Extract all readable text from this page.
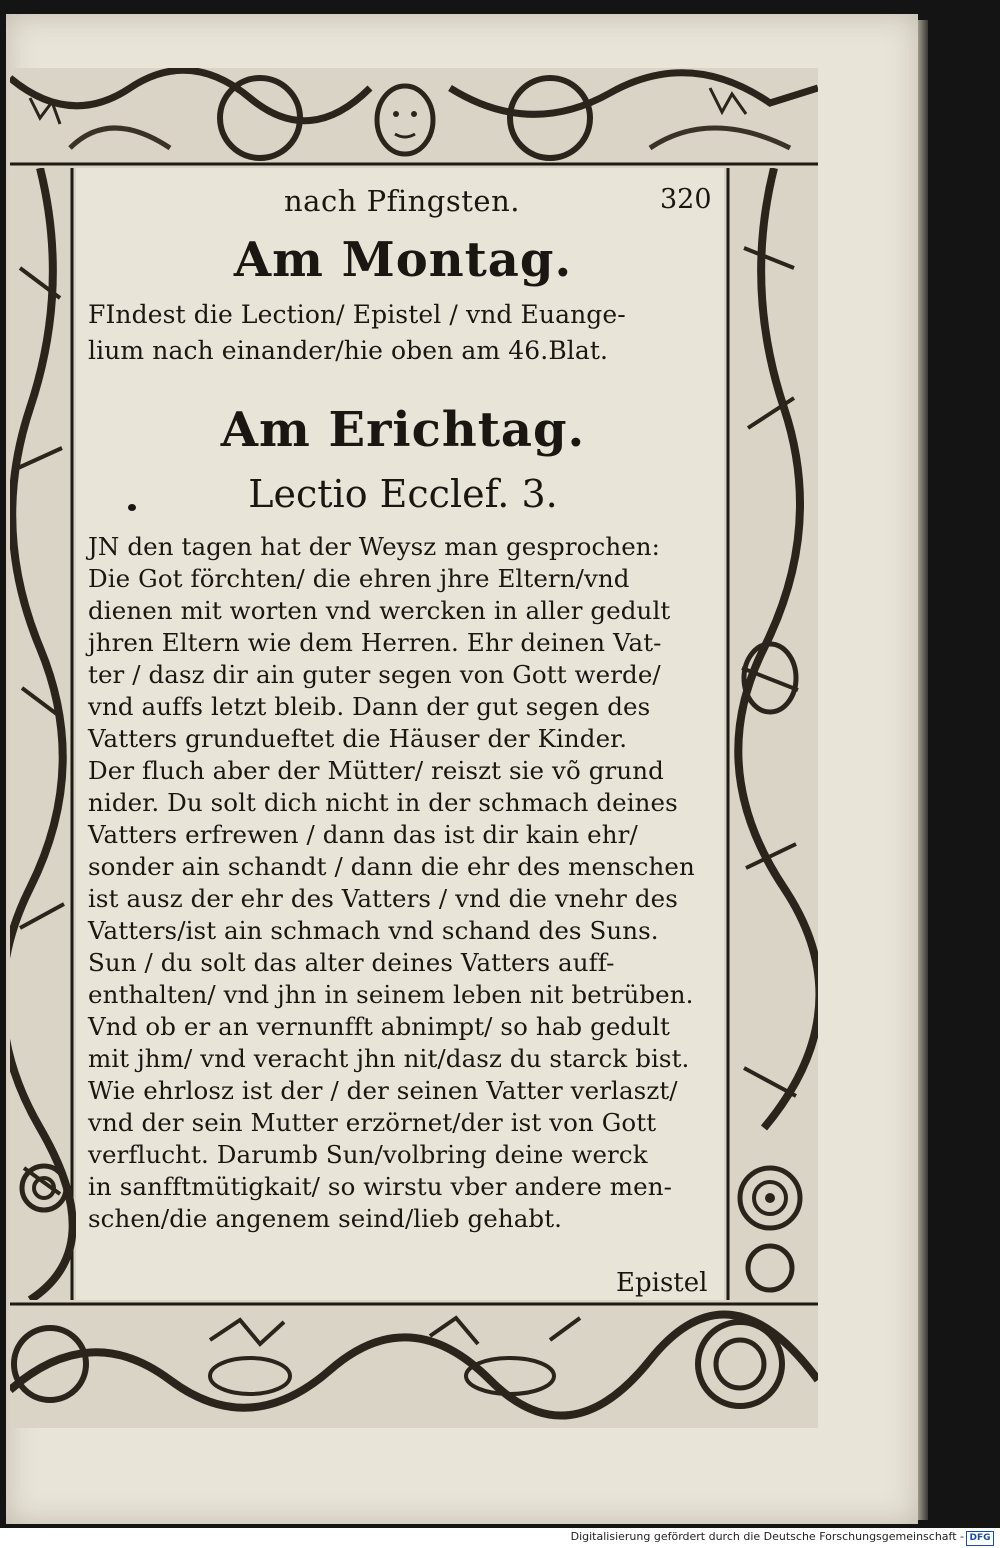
nach Pfingsten.	320
Am Montag.
FIndest die Lection/ Epistel / vnd Euange-
lium nach einander/hie oben am 46.Blat.
Am Erichtag.
Lectio Ecclef. 3.
JN den tagen hat der Weysz man gesprochen:
Die Got förchten/ die ehren jhre Eltern/vnd
dienen mit worten vnd wercken in aller gedult
jhren Eltern wie dem Herren. Ehr deinen Vat-
ter / dasz dir ain guter segen von Gott werde/
vnd auffs letzt bleib. Dann der gut segen des
Vatters grundueftet die Häuser der Kinder.
Der fluch aber der Mütter/ reiszt sie võ grund
nider. Du solt dich nicht in der schmach deines
Vatters erfrewen / dann das ist dir kain ehr/
sonder ain schandt / dann die ehr des menschen
ist ausz der ehr des Vatters / vnd die vnehr des
Vatters/ist ain schmach vnd schand des Suns.
Sun / du solt das alter deines Vatters auff-
enthalten/ vnd jhn in seinem leben nit betrüben.
Vnd ob er an vernunfft abnimpt/ so hab gedult
mit jhm/ vnd veracht jhn nit/dasz du starck bist.
Wie ehrlosz ist der / der seinen Vatter verlaszt/
vnd der sein Mutter erzörnet/der ist von Gott
verflucht. Darumb Sun/volbring deine werck
in sanfftmütigkait/ so wirstu vber andere men-
schen/die angenem seind/lieb gehabt.
Epistel
Digitalisierung gefördert durch die Deutsche Forschungsgemeinschaft - DFG
